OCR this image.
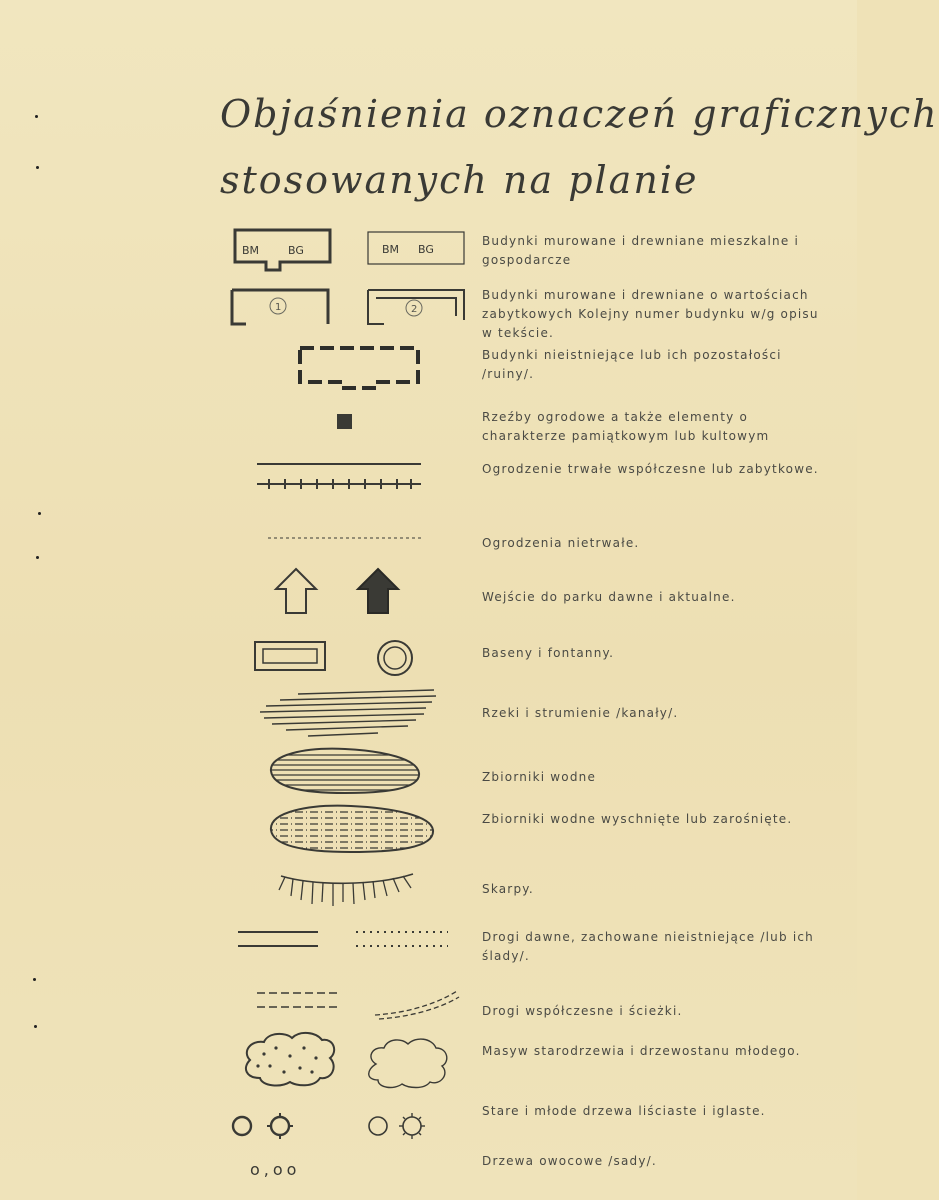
Objaśnienia oznaczeń graficznych
stosowanych na planie
BM	BG	BM BG
Budynki murowane i drewniane mieszkalne i gospodarcze
1	2
Budynki murowane i drewniane o wartościach zabytkowych Kolejny numer budynku w/g opisu w tekście.
Budynki nieistniejące lub ich pozostałości /ruiny/.
Rzeźby ogrodowe a także elementy o charakterze pamiątkowym lub kultowym
Ogrodzenie trwałe współczesne lub zabytkowe.
Ogrodzenia nietrwałe.
Wejście do parku dawne i aktualne.
Baseny i fontanny.
Rzeki i strumienie /kanały/.
Zbiorniki wodne
Zbiorniki wodne wyschnięte lub zarośnięte.
Skarpy.
Drogi dawne, zachowane nieistniejące /lub ich ślady/.
Drogi współczesne i ścieżki.
Masyw starodrzewia i drzewostanu młodego.
Stare i młode drzewa liściaste i iglaste.
o,oo	Drzewa owocowe /sady/.
